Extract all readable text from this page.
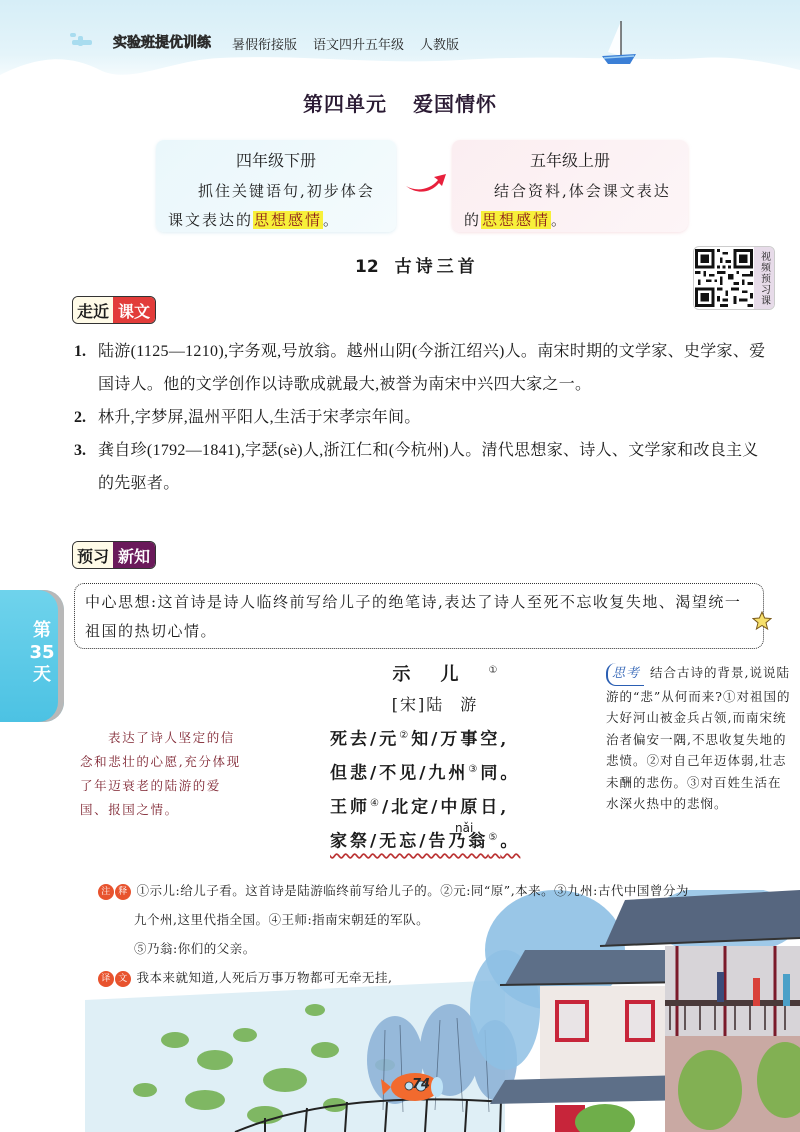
实验班提优训练 暑假衔接版 语文四升五年级 人教版
第四单元 爱国情怀
四年级下册
抓住关键语句,初步体会课文表达的思想感情。
五年级上册
结合资料,体会课文表达的思想感情。
12 古诗三首	视频预习课
走近 课文
1. 陆游(1125—1210),字务观,号放翁。越州山阴(今浙江绍兴)人。南宋时期的文学家、史学家、爱国诗人。他的文学创作以诗歌成就最大,被誉为南宋中兴四大家之一。
2. 林升,字梦屏,温州平阳人,生活于宋孝宗年间。
3. 龚自珍(1792—1841),字瑟(sè)人,浙江仁和(今杭州)人。清代思想家、诗人、文学家和改良主义的先驱者。
预习 新知
中心思想:这首诗是诗人临终前写给儿子的绝笔诗,表达了诗人至死不忘收复失地、渴望统一祖国的热切心情。
第
35
天
表达了诗人坚定的信念和悲壮的心愿,充分体现了年迈衰老的陆游的爱国、报国之情。
示儿①
[宋]陆 游
死去/元②知/万事空,
但悲/不见/九州③同。
王师④/北定/中原日,
nǎi
家祭/无忘/告乃翁⑤。
思考 结合古诗的背景,说说陆游的“悲”从何而来?①对祖国的大好河山被金兵占领,而南宋统治者偏安一隅,不思收复失地的悲愤。②对自己年迈体弱,壮志未酬的悲伤。③对百姓生活在水深火热中的悲悯。
74
注 释 ①示儿:给儿子看。这首诗是陆游临终前写给儿子的。②元:同“原”,本来。③九州:古代中国曾分为
九个州,这里代指全国。④王师:指南宋朝廷的军队。
⑤乃翁:你们的父亲。
译 文 我本来就知道,人死后万事万物都可无牵无挂,
